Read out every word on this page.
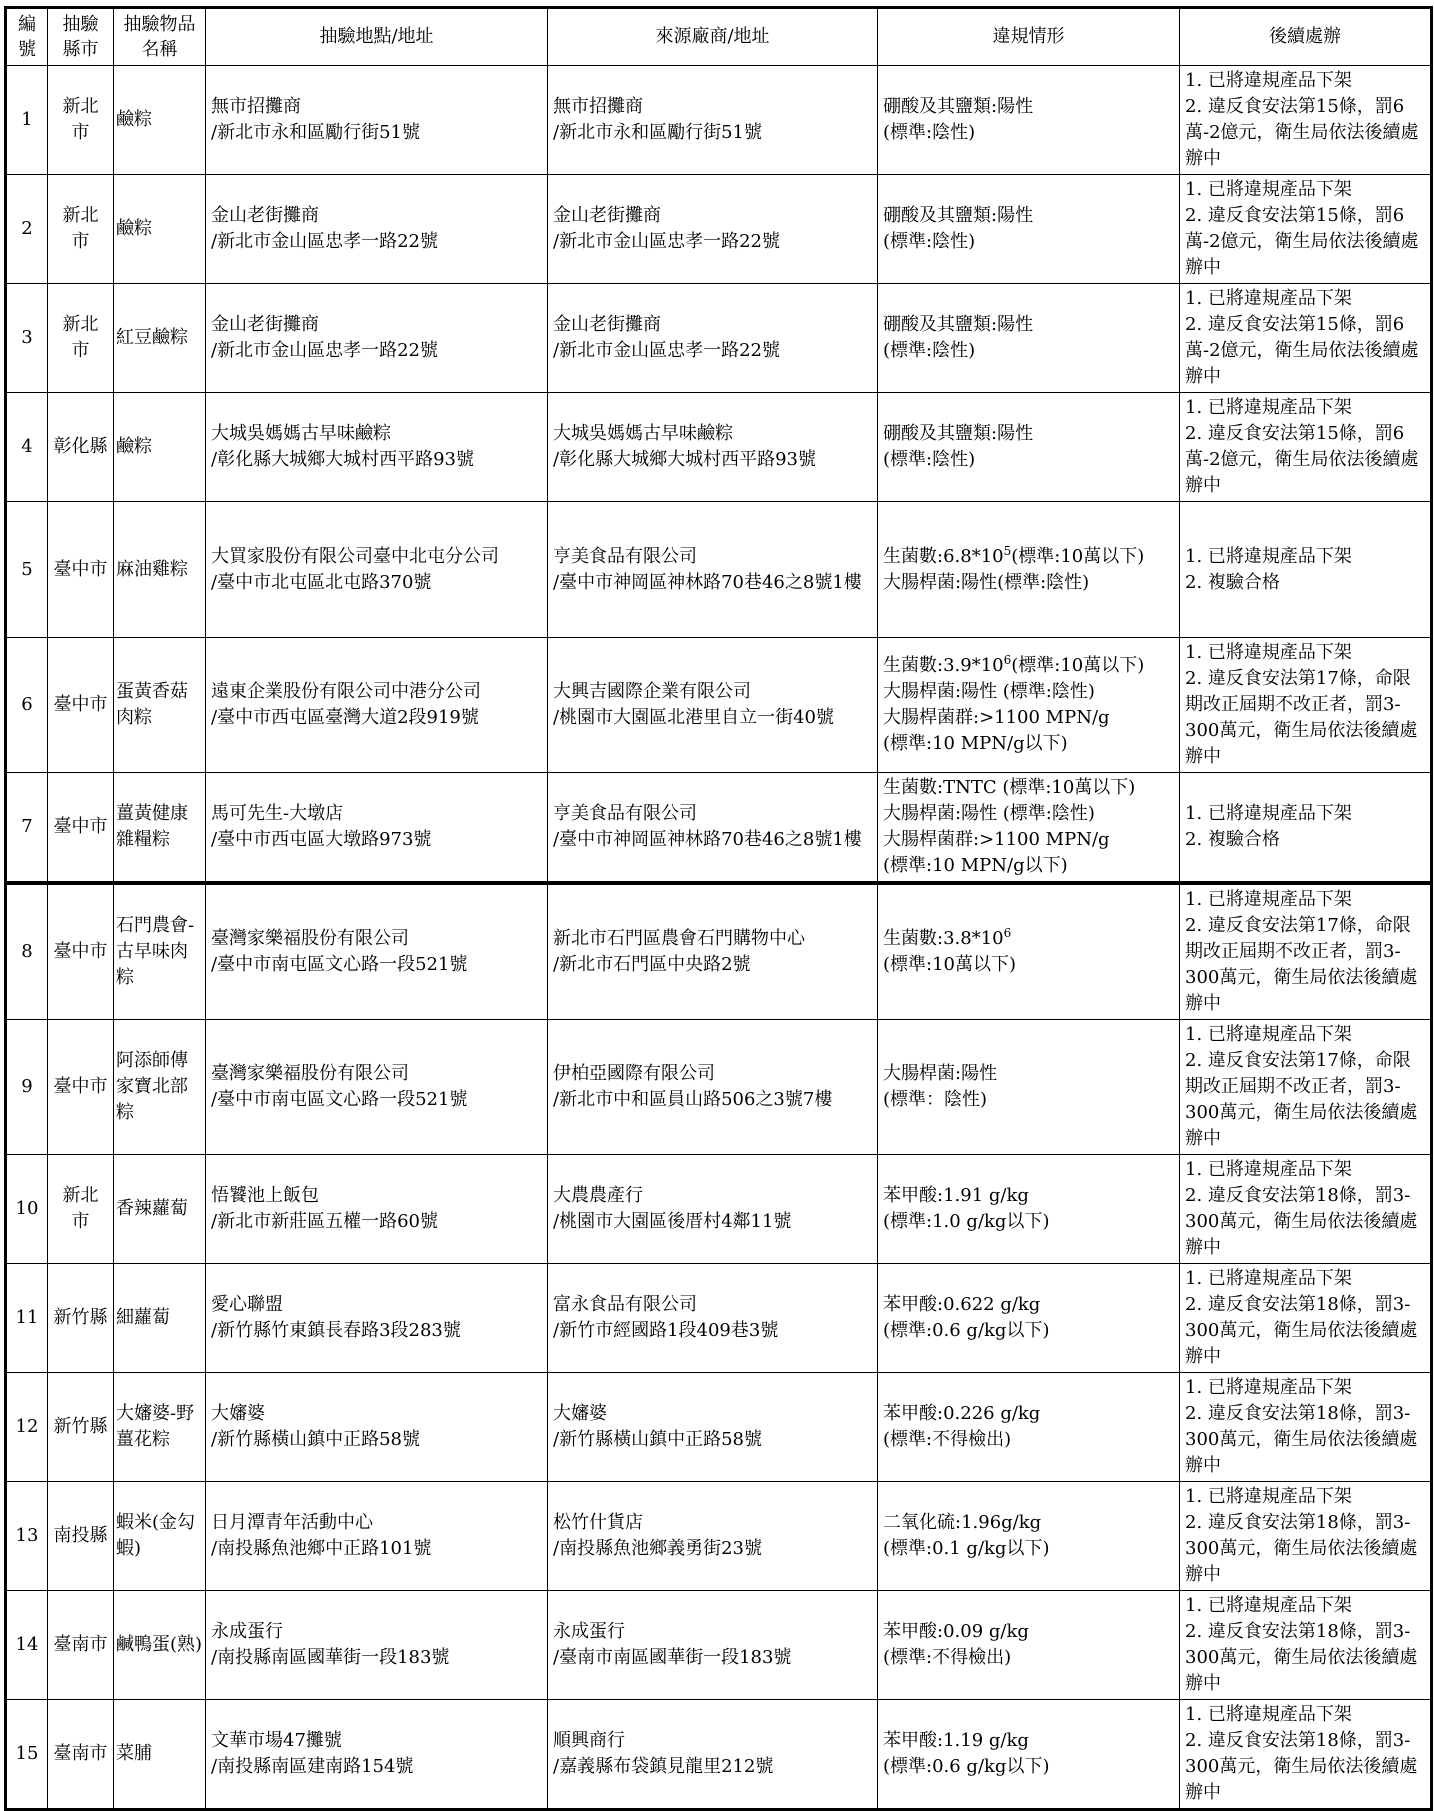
編
號	抽驗
縣市	抽驗物品
名稱	抽驗地點/地址	來源廠商/地址	違規情形	後續處辦
1	新北
市	鹼粽	無市招攤商
/新北市永和區勵行街51號	無市招攤商
/新北市永和區勵行街51號	硼酸及其鹽類:陽性
(標準:陰性)	1. 已將違規產品下架
2. 違反食安法第15條，罰6萬-2億元，衛生局依法後續處辦中

2	新北
市	鹼粽	金山老街攤商
/新北市金山區忠孝一路22號	金山老街攤商
/新北市金山區忠孝一路22號	硼酸及其鹽類:陽性
(標準:陰性)	1. 已將違規產品下架
2. 違反食安法第15條，罰6萬-2億元，衛生局依法後續處辦中

3	新北
市	紅豆鹼粽	金山老街攤商
/新北市金山區忠孝一路22號	金山老街攤商
/新北市金山區忠孝一路22號	硼酸及其鹽類:陽性
(標準:陰性)	1. 已將違規產品下架
2. 違反食安法第15條，罰6萬-2億元，衛生局依法後續處辦中

4	彰化縣	鹼粽	大城吳媽媽古早味鹼粽
/彰化縣大城鄉大城村西平路93號	大城吳媽媽古早味鹼粽
/彰化縣大城鄉大城村西平路93號	硼酸及其鹽類:陽性
(標準:陰性)	1. 已將違規產品下架
2. 違反食安法第15條，罰6萬-2億元，衛生局依法後續處辦中

5	臺中市	麻油雞粽	大買家股份有限公司臺中北屯分公司
/臺中市北屯區北屯路370號	亨美食品有限公司
/臺中市神岡區神林路70巷46之8號1樓	生菌數$:6.8*10^5$(標準:10萬以下)
大腸桿菌:陽性(標準:陰性)	1. 已將違規產品下架
2. 複驗合格

6	臺中市	蛋黃香菇肉粽	遠東企業股份有限公司中港分公司
/臺中市西屯區臺灣大道2段919號	大興吉國際企業有限公司
/桃園市大園區北港里自立一街40號	生菌數$:3.9*10^6$(標準:10萬以下)
大腸桿菌:陽性 (標準:陰性)
大腸桿菌群:>1100 MPN/g
(標準:10 MPN/g以下)	1. 已將違規產品下架
2. 違反食安法第17條，命限期改正屆期不改正者，罰3-300萬元，衛生局依法後續處辦中

7	臺中市	薑黃健康雜糧粽	馬可先生-大墩店
/臺中市西屯區大墩路973號	亨美食品有限公司
/臺中市神岡區神林路70巷46之8號1樓	生菌數:TNTC (標準:10萬以下)
大腸桿菌:陽性 (標準:陰性)
大腸桿菌群:>1100 MPN/g
(標準:10 MPN/g以下)	1. 已將違規產品下架
2. 複驗合格

8	臺中市	石門農會-古早味肉粽	臺灣家樂福股份有限公司
/臺中市南屯區文心路一段521號	新北市石門區農會石門購物中心
/新北市石門區中央路2號	生菌數$:3.8*10^6$
(標準:10萬以下)	1. 已將違規產品下架
2. 違反食安法第17條，命限期改正屆期不改正者，罰3-300萬元，衛生局依法後續處辦中

9	臺中市	阿添師傳家寶北部粽	臺灣家樂福股份有限公司
/臺中市南屯區文心路一段521號	伊柏亞國際有限公司
/新北市中和區員山路506之3號7樓	大腸桿菌:陽性
(標準：陰性)	1. 已將違規產品下架
2. 違反食安法第17條，命限期改正屆期不改正者，罰3-300萬元，衛生局依法後續處辦中

10	新北
市	香辣蘿蔔	悟饕池上飯包
/新北市新莊區五權一路60號	大農農產行
/桃園市大園區後厝村4鄰11號	苯甲酸:1.91 g/kg
(標準:1.0 g/kg以下)	1. 已將違規產品下架
2. 違反食安法第18條，罰3-300萬元，衛生局依法後續處辦中

11	新竹縣	細蘿蔔	愛心聯盟
/新竹縣竹東鎮長春路3段283號	富永食品有限公司
/新竹市經國路1段409巷3號	苯甲酸:0.622 g/kg
(標準:0.6 g/kg以下)	1. 已將違規產品下架
2. 違反食安法第18條，罰3-300萬元，衛生局依法後續處辦中

12	新竹縣	大嬸婆-野薑花粽	大嬸婆
/新竹縣橫山鎮中正路58號	大嬸婆
/新竹縣橫山鎮中正路58號	苯甲酸:0.226 g/kg
(標準:不得檢出)	1. 已將違規產品下架
2. 違反食安法第18條，罰3-300萬元，衛生局依法後續處辦中

13	南投縣	蝦米(金勾蝦)	日月潭青年活動中心
/南投縣魚池鄉中正路101號	松竹什貨店
/南投縣魚池鄉義勇街23號	二氧化硫:1.96g/kg
(標準:0.1 g/kg以下)	1. 已將違規產品下架
2. 違反食安法第18條，罰3-300萬元，衛生局依法後續處辦中

14	臺南市	鹹鴨蛋(熟)	永成蛋行
/南投縣南區國華街一段183號	永成蛋行
/臺南市南區國華街一段183號	苯甲酸:0.09 g/kg
(標準:不得檢出)	1. 已將違規產品下架
2. 違反食安法第18條，罰3-300萬元，衛生局依法後續處辦中

15	臺南市	菜脯	文華市場47攤號
/南投縣南區建南路154號	順興商行
/嘉義縣布袋鎮見龍里212號	苯甲酸:1.19 g/kg
(標準:0.6 g/kg以下)	1. 已將違規產品下架
2. 違反食安法第18條，罰3-300萬元，衛生局依法後續處辦中
